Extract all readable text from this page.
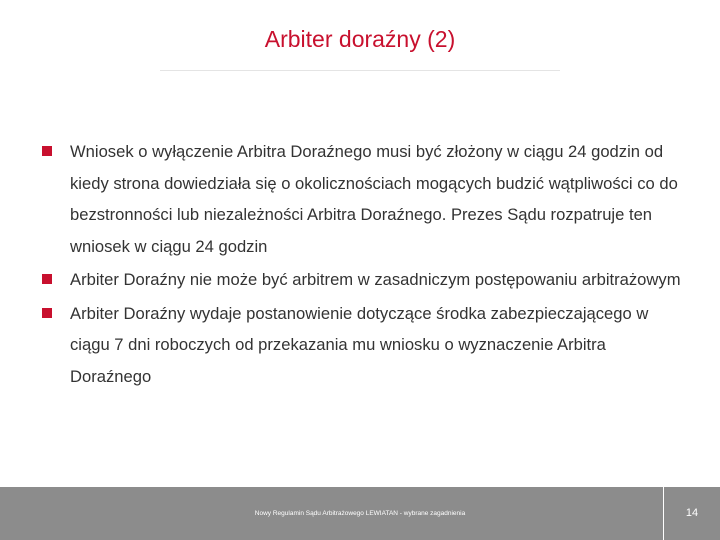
Arbiter doraźny (2)
Wniosek o wyłączenie Arbitra Doraźnego musi być złożony w ciągu 24 godzin od kiedy strona dowiedziała się o okolicznościach mogących budzić wątpliwości co do bezstronności lub niezależności Arbitra Doraźnego. Prezes Sądu rozpatruje ten wniosek w ciągu 24 godzin
Arbiter Doraźny nie może być arbitrem w zasadniczym postępowaniu arbitrażowym
Arbiter Doraźny wydaje postanowienie dotyczące środka zabezpieczającego w ciągu 7 dni roboczych od przekazania mu wniosku o wyznaczenie Arbitra Doraźnego
Nowy Regulamin Sądu Arbitrażowego LEWIATAN - wybrane zagadnienia	14
